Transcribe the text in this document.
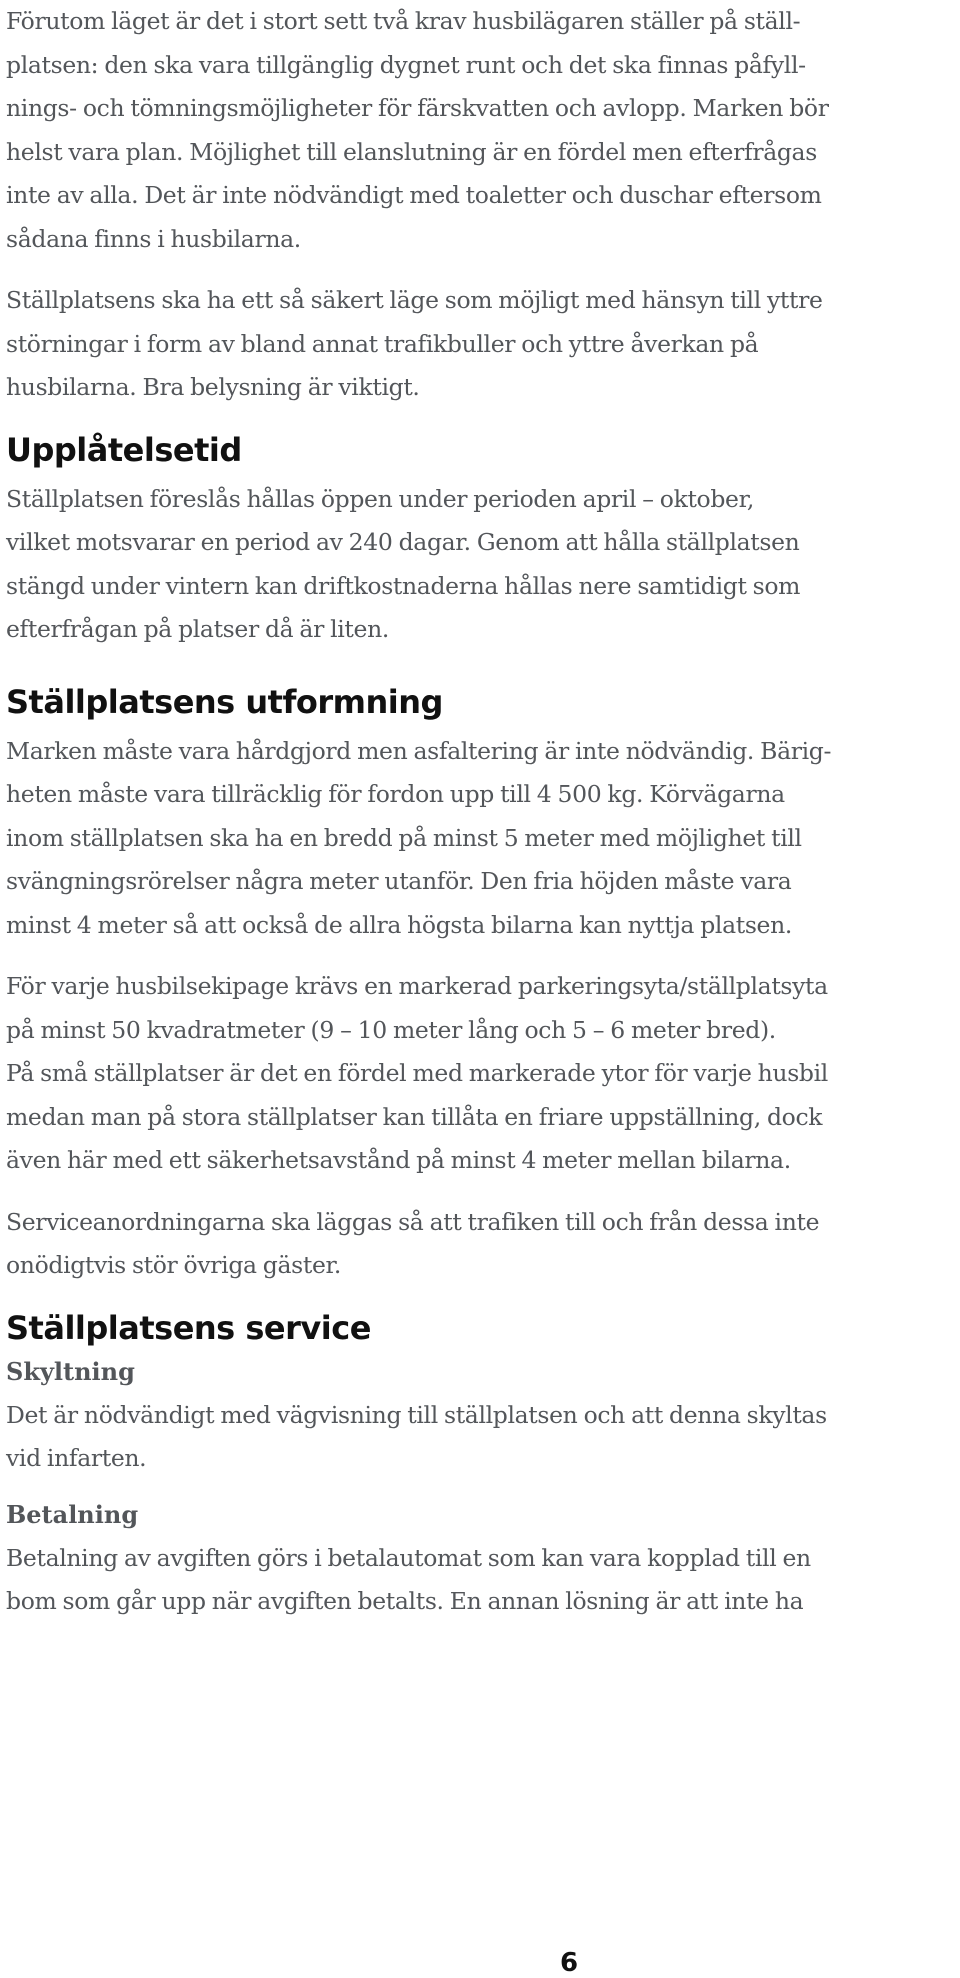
Förutom läget är det i stort sett två krav husbilägaren ställer på ställ-
platsen: den ska vara tillgänglig dygnet runt och det ska finnas påfyll-
nings- och tömningsmöjligheter för färskvatten och avlopp. Marken bör
helst vara plan. Möjlighet till elanslutning är en fördel men efterfrågas
inte av alla. Det är inte nödvändigt med toaletter och duschar eftersom
sådana finns i husbilarna.

Ställplatsens ska ha ett så säkert läge som möjligt med hänsyn till yttre
störningar i form av bland annat trafikbuller och yttre åverkan på
husbilarna. Bra belysning är viktigt.

Upplåtelsetid

Ställplatsen föreslås hållas öppen under perioden april – oktober,
vilket motsvarar en period av 240 dagar. Genom att hålla ställplatsen
stängd under vintern kan driftkostnaderna hållas nere samtidigt som
efterfrågan på platser då är liten.

Ställplatsens utformning

Marken måste vara hårdgjord men asfaltering är inte nödvändig. Bärig-
heten måste vara tillräcklig för fordon upp till 4 500 kg. Körvägarna
inom ställplatsen ska ha en bredd på minst 5 meter med möjlighet till
svängningsrörelser några meter utanför. Den fria höjden måste vara
minst 4 meter så att också de allra högsta bilarna kan nyttja platsen.

För varje husbilsekipage krävs en markerad parkeringsyta/ställplatsyta
på minst 50 kvadratmeter (9 – 10 meter lång och 5 – 6 meter bred).
På små ställplatser är det en fördel med markerade ytor för varje husbil
medan man på stora ställplatser kan tillåta en friare uppställning, dock
även här med ett säkerhetsavstånd på minst 4 meter mellan bilarna.

Serviceanordningarna ska läggas så att trafiken till och från dessa inte
onödigtvis stör övriga gäster.

Ställplatsens service
Skyltning

Det är nödvändigt med vägvisning till ställplatsen och att denna skyltas
vid infarten.

Betalning

Betalning av avgiften görs i betalautomat som kan vara kopplad till en
bom som går upp när avgiften betalts. En annan lösning är att inte ha

6
